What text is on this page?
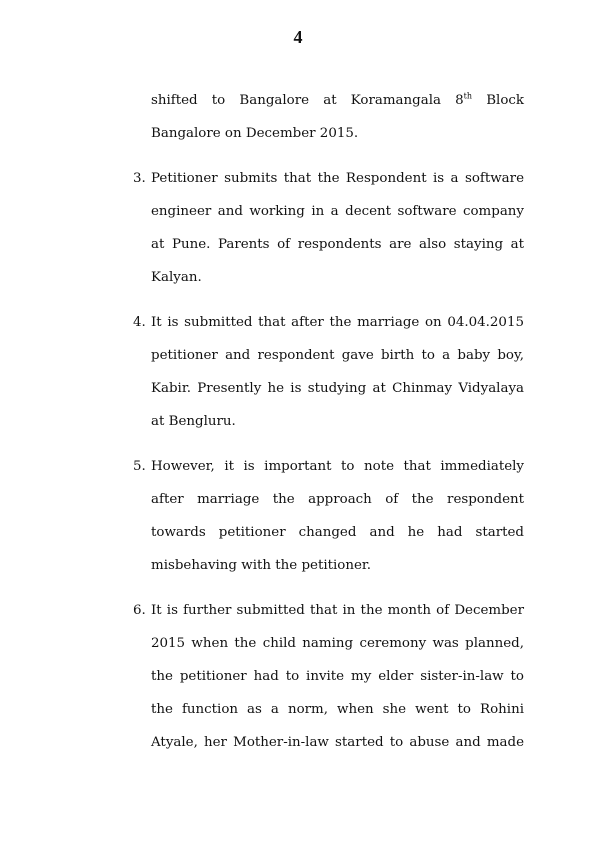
4
shifted to Bangalore at Koramangala 8th Block
Bangalore on December 2015.
3. Petitioner submits that the Respondent is a software
engineer and working in a decent software company
at Pune. Parents of respondents are also staying at
Kalyan.
4. It is submitted that after the marriage on 04.04.2015
petitioner and respondent gave birth to a baby boy,
Kabir. Presently he is studying at Chinmay Vidyalaya
at Bengluru.
5. However, it is important to note that immediately
after marriage the approach of the respondent
towards petitioner changed and he had started
misbehaving with the petitioner.
6. It is further submitted that in the month of December
2015 when the child naming ceremony was planned,
the petitioner had to invite my elder sister-in-law to
the function as a norm, when she went to Rohini
Atyale, her Mother-in-law started to abuse and made
